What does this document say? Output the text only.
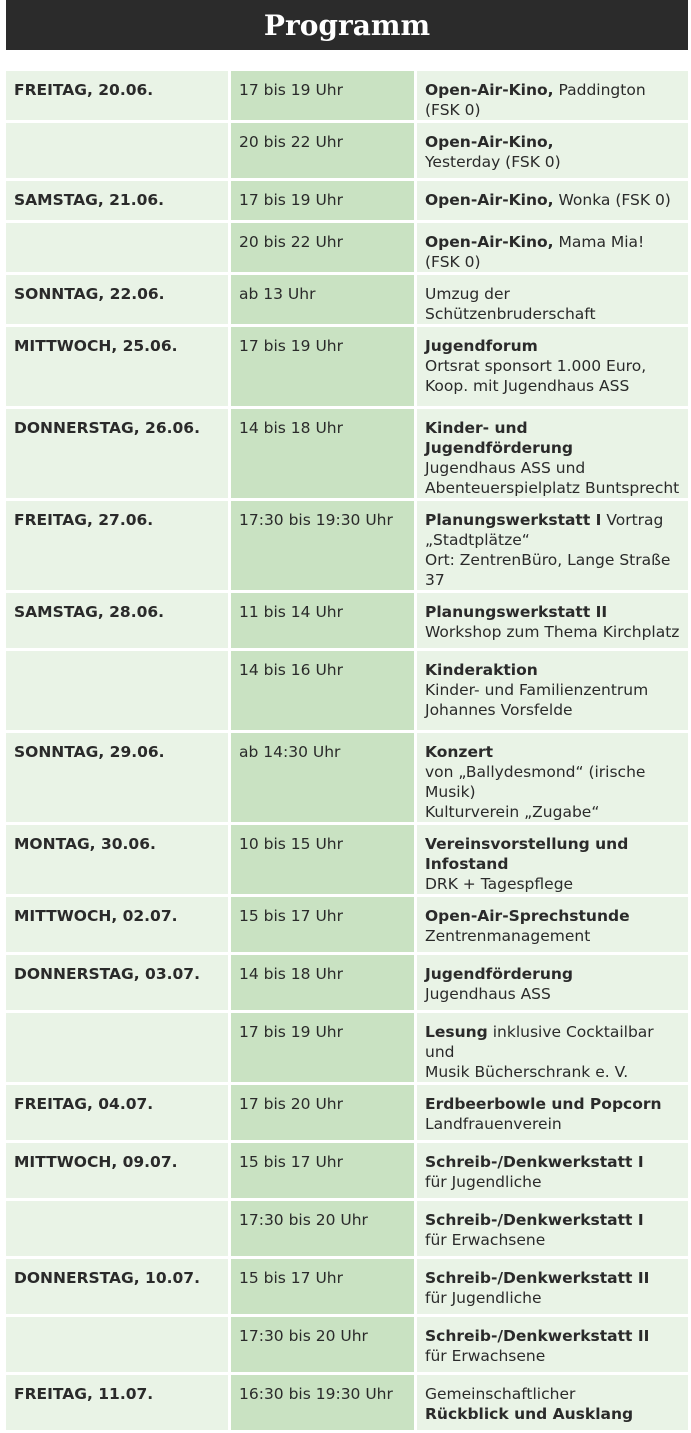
Programm
FREITAG, 20.06.	17 bis 19 Uhr	Open-Air-Kino, Paddington (FSK 0)
	20 bis 22 Uhr	Open-Air-Kino,
Yesterday (FSK 0)
SAMSTAG, 21.06.	17 bis 19 Uhr	Open-Air-Kino, Wonka (FSK 0)
	20 bis 22 Uhr	Open-Air-Kino, Mama Mia! (FSK 0)
SONNTAG, 22.06.	ab 13 Uhr	Umzug der Schützenbruderschaft
MITTWOCH, 25.06.	17 bis 19 Uhr	Jugendforum
Ortsrat sponsort 1.000 Euro,
Koop. mit Jugendhaus ASS
DONNERSTAG, 26.06.	14 bis 18 Uhr	Kinder- und Jugendförderung
Jugendhaus ASS und
Abenteuerspielplatz Buntsprecht
FREITAG, 27.06.	17:30 bis 19:30 Uhr	Planungswerkstatt I Vortrag
„Stadtplätze“
Ort: ZentrenBüro, Lange Straße 37
SAMSTAG, 28.06.	11 bis 14 Uhr	Planungswerkstatt II
Workshop zum Thema Kirchplatz
	14 bis 16 Uhr	Kinderaktion
Kinder- und Familienzentrum
Johannes Vorsfelde
SONNTAG, 29.06.	ab 14:30 Uhr	Konzert
von „Ballydesmond“ (irische Musik)
Kulturverein „Zugabe“
MONTAG, 30.06.	10 bis 15 Uhr	Vereinsvorstellung und Infostand
DRK + Tagespflege
MITTWOCH, 02.07.	15 bis 17 Uhr	Open-Air-Sprechstunde
Zentrenmanagement
DONNERSTAG, 03.07.	14 bis 18 Uhr	Jugendförderung
Jugendhaus ASS
	17 bis 19 Uhr	Lesung inklusive Cocktailbar und
Musik Bücherschrank e. V.
FREITAG, 04.07.	17 bis 20 Uhr	Erdbeerbowle und Popcorn
Landfrauenverein
MITTWOCH, 09.07.	15 bis 17 Uhr	Schreib-/Denkwerkstatt I
für Jugendliche
	17:30 bis 20 Uhr	Schreib-/Denkwerkstatt I
für Erwachsene
DONNERSTAG, 10.07.	15 bis 17 Uhr	Schreib-/Denkwerkstatt II
für Jugendliche
	17:30 bis 20 Uhr	Schreib-/Denkwerkstatt II
für Erwachsene
FREITAG, 11.07.	16:30 bis 19:30 Uhr	Gemeinschaftlicher
Rückblick und Ausklang
